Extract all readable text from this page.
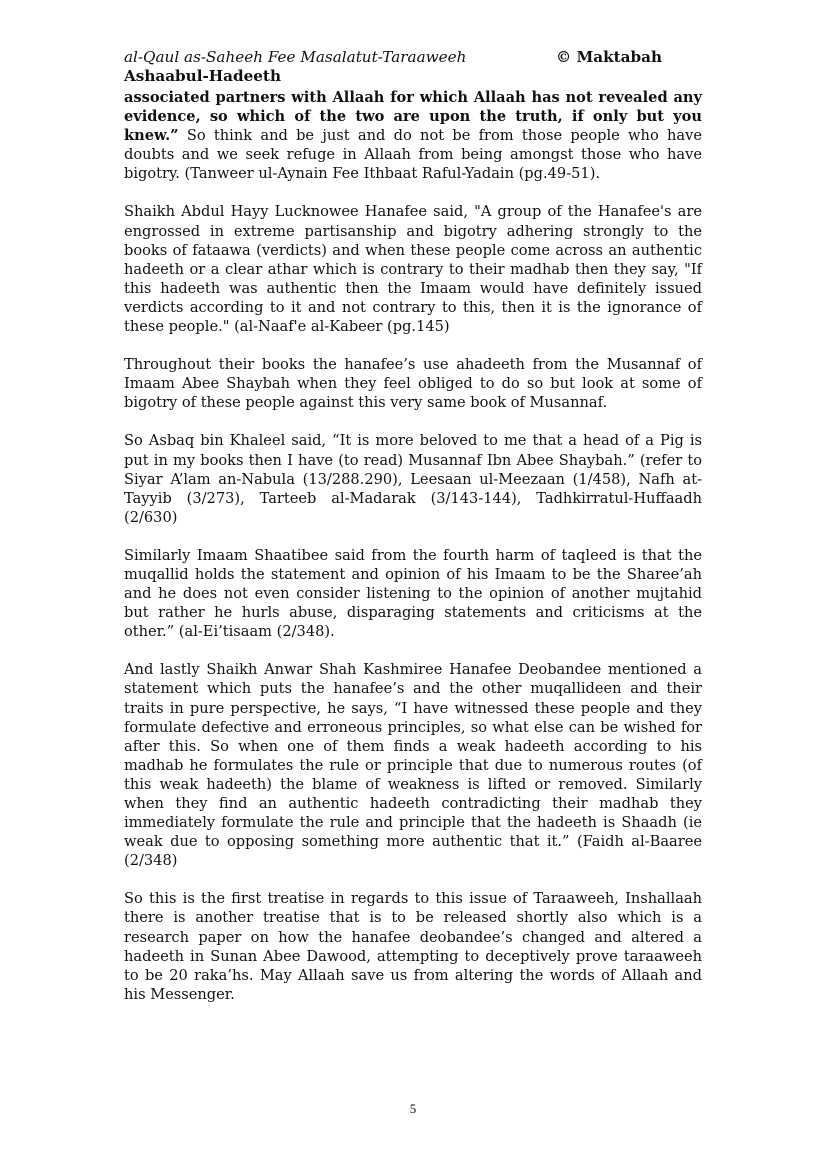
al-Qaul as-Saheeh Fee Masalatut-Taraaweeh	© Maktabah
Ashaabul-Hadeeth

associated partners with Allaah for which Allaah has not revealed any evidence, so which of the two are upon the truth, if only but you knew.” So think and be just and do not be from those people who have doubts and we seek refuge in Allaah from being amongst those who have bigotry. (Tanweer ul-Aynain Fee Ithbaat Raful-Yadain (pg.49-51).

Shaikh Abdul Hayy Lucknowee Hanafee said, "A group of the Hanafee's are engrossed in extreme partisanship and bigotry adhering strongly to the books of fataawa (verdicts) and when these people come across an authentic hadeeth or a clear athar which is contrary to their madhab then they say, "If this hadeeth was authentic then the Imaam would have definitely issued verdicts according to it and not contrary to this, then it is the ignorance of these people." (al-Naaf'e al-Kabeer (pg.145)

Throughout their books the hanafee’s use ahadeeth from the Musannaf of Imaam Abee Shaybah when they feel obliged to do so but look at some of bigotry of these people against this very same book of Musannaf.

So Asbaq bin Khaleel said, “It is more beloved to me that a head of a Pig is put in my books then I have (to read) Musannaf Ibn Abee Shaybah.” (refer to Siyar A’lam an-Nabula (13/288.290), Leesaan ul-Meezaan (1/458), Nafh at-Tayyib (3/273), Tarteeb al-Madarak (3/143-144), Tadhkirratul-Huffaadh (2/630)

Similarly Imaam Shaatibee said from the fourth harm of taqleed is that the muqallid holds the statement and opinion of his Imaam to be the Sharee’ah and he does not even consider listening to the opinion of another mujtahid but rather he hurls abuse, disparaging statements and criticisms at the other.” (al-Ei’tisaam (2/348).

And lastly Shaikh Anwar Shah Kashmiree Hanafee Deobandee mentioned a statement which puts the hanafee’s and the other muqallideen and their traits in pure perspective, he says, “I have witnessed these people and they formulate defective and erroneous principles, so what else can be wished for after this. So when one of them finds a weak hadeeth according to his madhab he formulates the rule or principle that due to numerous routes (of this weak hadeeth) the blame of weakness is lifted or removed. Similarly when they find an authentic hadeeth contradicting their madhab they immediately formulate the rule and principle that the hadeeth is Shaadh (ie weak due to opposing something more authentic that it.” (Faidh al-Baaree (2/348)

So this is the first treatise in regards to this issue of Taraaweeh, Inshallaah there is another treatise that is to be released shortly also which is a research paper on how the hanafee deobandee’s changed and altered a hadeeth in Sunan Abee Dawood, attempting to deceptively prove taraaweeh to be 20 raka’hs. May Allaah save us from altering the words of Allaah and his Messenger.

5
